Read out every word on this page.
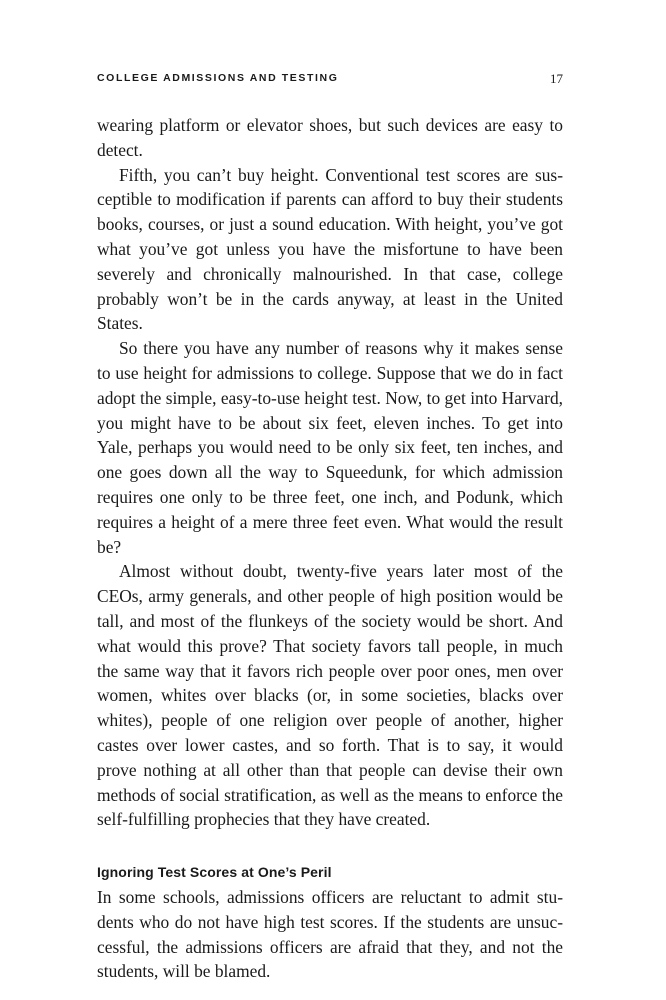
COLLEGE ADMISSIONS AND TESTING	17

wearing platform or elevator shoes, but such devices are easy to detect.

Fifth, you can’t buy height. Conventional test scores are susceptible to modification if parents can afford to buy their students books, courses, or just a sound education. With height, you’ve got what you’ve got unless you have the misfortune to have been severely and chronically malnourished. In that case, college probably won’t be in the cards anyway, at least in the United States.

So there you have any number of reasons why it makes sense to use height for admissions to college. Suppose that we do in fact adopt the simple, easy-to-use height test. Now, to get into Harvard, you might have to be about six feet, eleven inches. To get into Yale, perhaps you would need to be only six feet, ten inches, and one goes down all the way to Squeedunk, for which admission requires one only to be three feet, one inch, and Podunk, which requires a height of a mere three feet even. What would the result be?

Almost without doubt, twenty-five years later most of the CEOs, army generals, and other people of high position would be tall, and most of the flunkeys of the society would be short. And what would this prove? That society favors tall people, in much the same way that it favors rich people over poor ones, men over women, whites over blacks (or, in some societies, blacks over whites), people of one religion over people of another, higher castes over lower castes, and so forth. That is to say, it would prove nothing at all other than that people can devise their own methods of social stratification, as well as the means to enforce the self-fulfilling prophecies that they have created.

Ignoring Test Scores at One’s Peril

In some schools, admissions officers are reluctant to admit students who do not have high test scores. If the students are unsuccessful, the admissions officers are afraid that they, and not the students, will be blamed.
